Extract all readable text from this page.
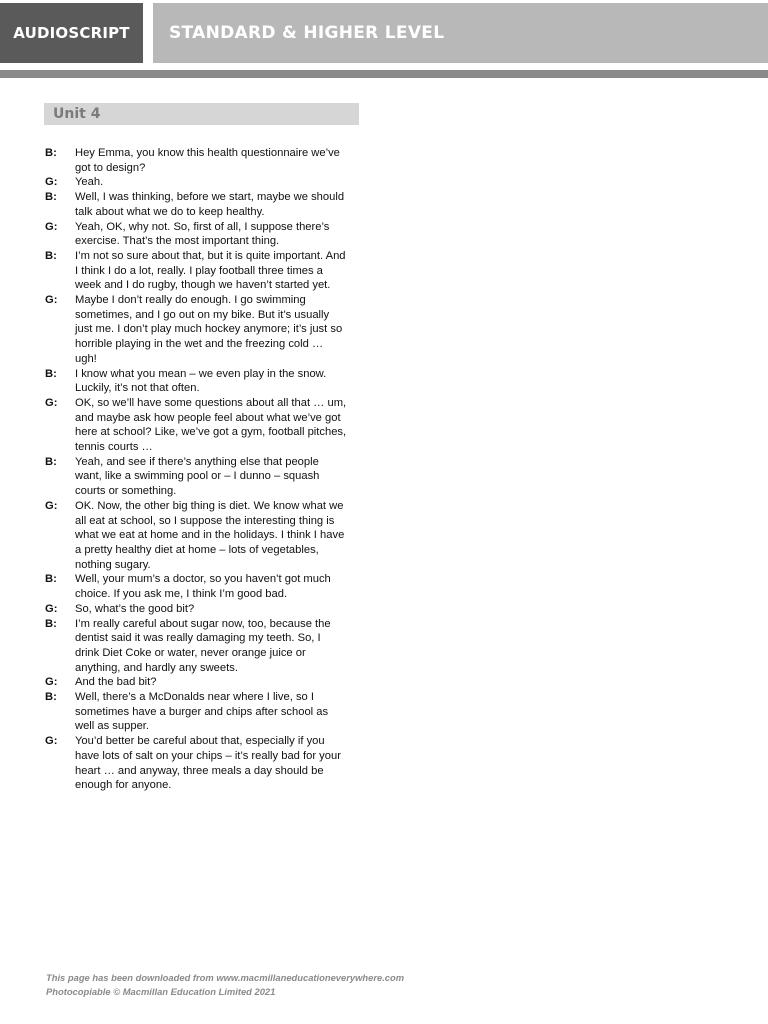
AUDIOSCRIPT	STANDARD & HIGHER LEVEL
Unit 4
B:	Hey Emma, you know this health questionnaire we’ve
got to design?
G:	Yeah.
B:	Well, I was thinking, before we start, maybe we should
talk about what we do to keep healthy.
G:	Yeah, OK, why not. So, first of all, I suppose there’s
exercise. That’s the most important thing.
B:	I’m not so sure about that, but it is quite important. And
I think I do a lot, really. I play football three times a
week and I do rugby, though we haven’t started yet.
G:	Maybe I don’t really do enough. I go swimming
sometimes, and I go out on my bike. But it’s usually
just me. I don’t play much hockey anymore; it’s just so
horrible playing in the wet and the freezing cold …
ugh!
B:	I know what you mean – we even play in the snow.
Luckily, it’s not that often.
G:	OK, so we’ll have some questions about all that … um,
and maybe ask how people feel about what we’ve got
here at school? Like, we’ve got a gym, football pitches,
tennis courts …
B:	Yeah, and see if there’s anything else that people
want, like a swimming pool or – I dunno – squash
courts or something.
G:	OK. Now, the other big thing is diet. We know what we
all eat at school, so I suppose the interesting thing is
what we eat at home and in the holidays. I think I have
a pretty healthy diet at home – lots of vegetables,
nothing sugary.
B:	Well, your mum’s a doctor, so you haven’t got much
choice. If you ask me, I think I’m good bad.
G:	So, what’s the good bit?
B:	I’m really careful about sugar now, too, because the
dentist said it was really damaging my teeth. So, I
drink Diet Coke or water, never orange juice or
anything, and hardly any sweets.
G:	And the bad bit?
B:	Well, there’s a McDonalds near where I live, so I
sometimes have a burger and chips after school as
well as supper.
G:	You’d better be careful about that, especially if you
have lots of salt on your chips – it’s really bad for your
heart … and anyway, three meals a day should be
enough for anyone.
This page has been downloaded from www.macmillaneducationeverywhere.com
Photocopiable © Macmillan Education Limited 2021
